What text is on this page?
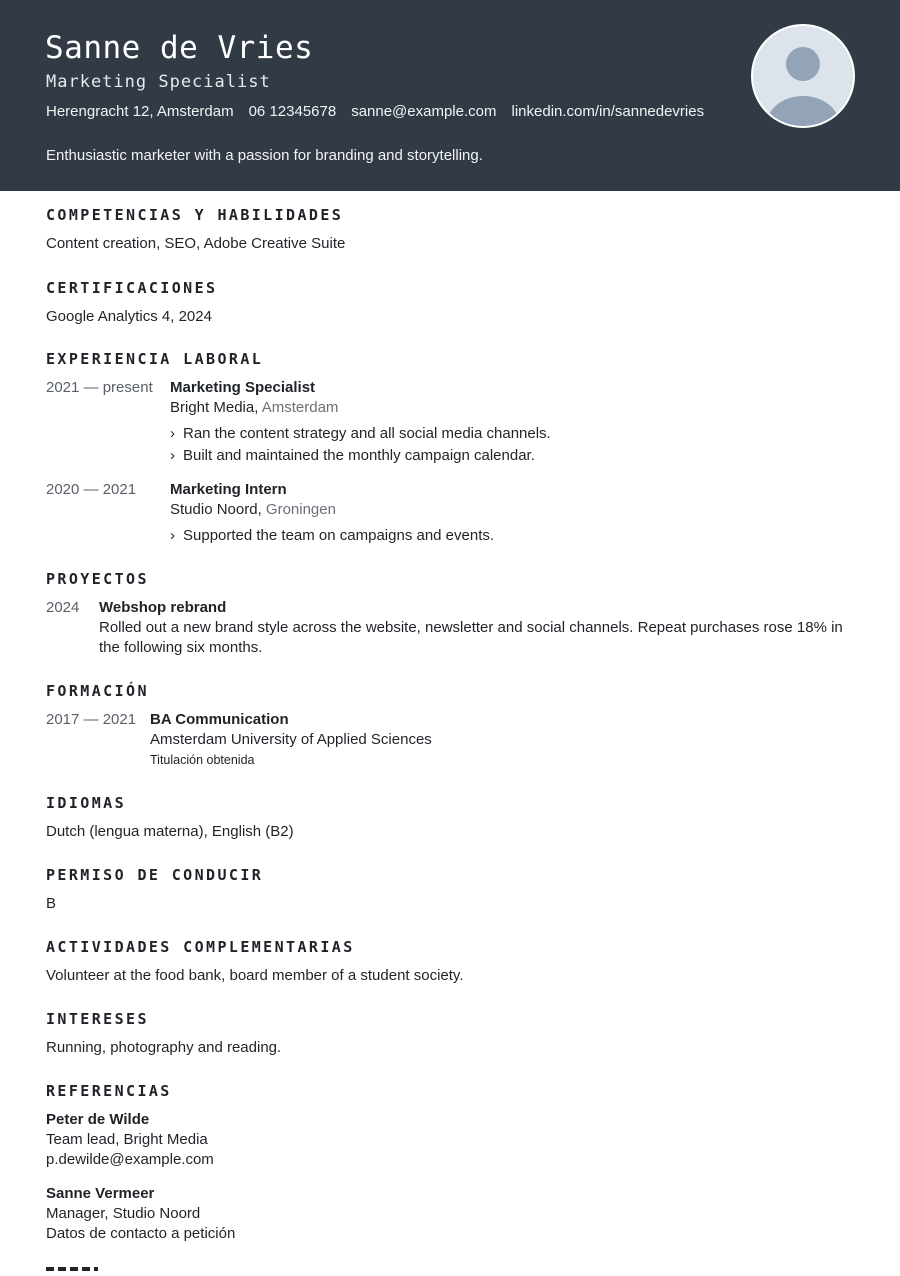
Sanne de Vries
Marketing Specialist
Herengracht 12, Amsterdam 06 12345678 sanne@example.com linkedin.com/in/sannedevries
Enthusiastic marketer with a passion for branding and storytelling.
COMPETENCIAS Y HABILIDADES
Content creation, SEO, Adobe Creative Suite
CERTIFICACIONES
Google Analytics 4, 2024
EXPERIENCIA LABORAL
2021 — present Marketing Specialist
Bright Media, Amsterdam
› Ran the content strategy and all social media channels.
› Built and maintained the monthly campaign calendar.
2020 — 2021 Marketing Intern
Studio Noord, Groningen
› Supported the team on campaigns and events.
PROYECTOS
2024 Webshop rebrand
Rolled out a new brand style across the website, newsletter and social channels. Repeat purchases rose 18% in
the following six months.
FORMACIÓN
2017 — 2021 BA Communication
Amsterdam University of Applied Sciences
Titulación obtenida
IDIOMAS
Dutch (lengua materna), English (B2)
PERMISO DE CONDUCIR
B
ACTIVIDADES COMPLEMENTARIAS
Volunteer at the food bank, board member of a student society.
INTERESES
Running, photography and reading.
REFERENCIAS
Peter de Wilde
Team lead, Bright Media
p.dewilde@example.com
Sanne Vermeer
Manager, Studio Noord
Datos de contacto a petición
